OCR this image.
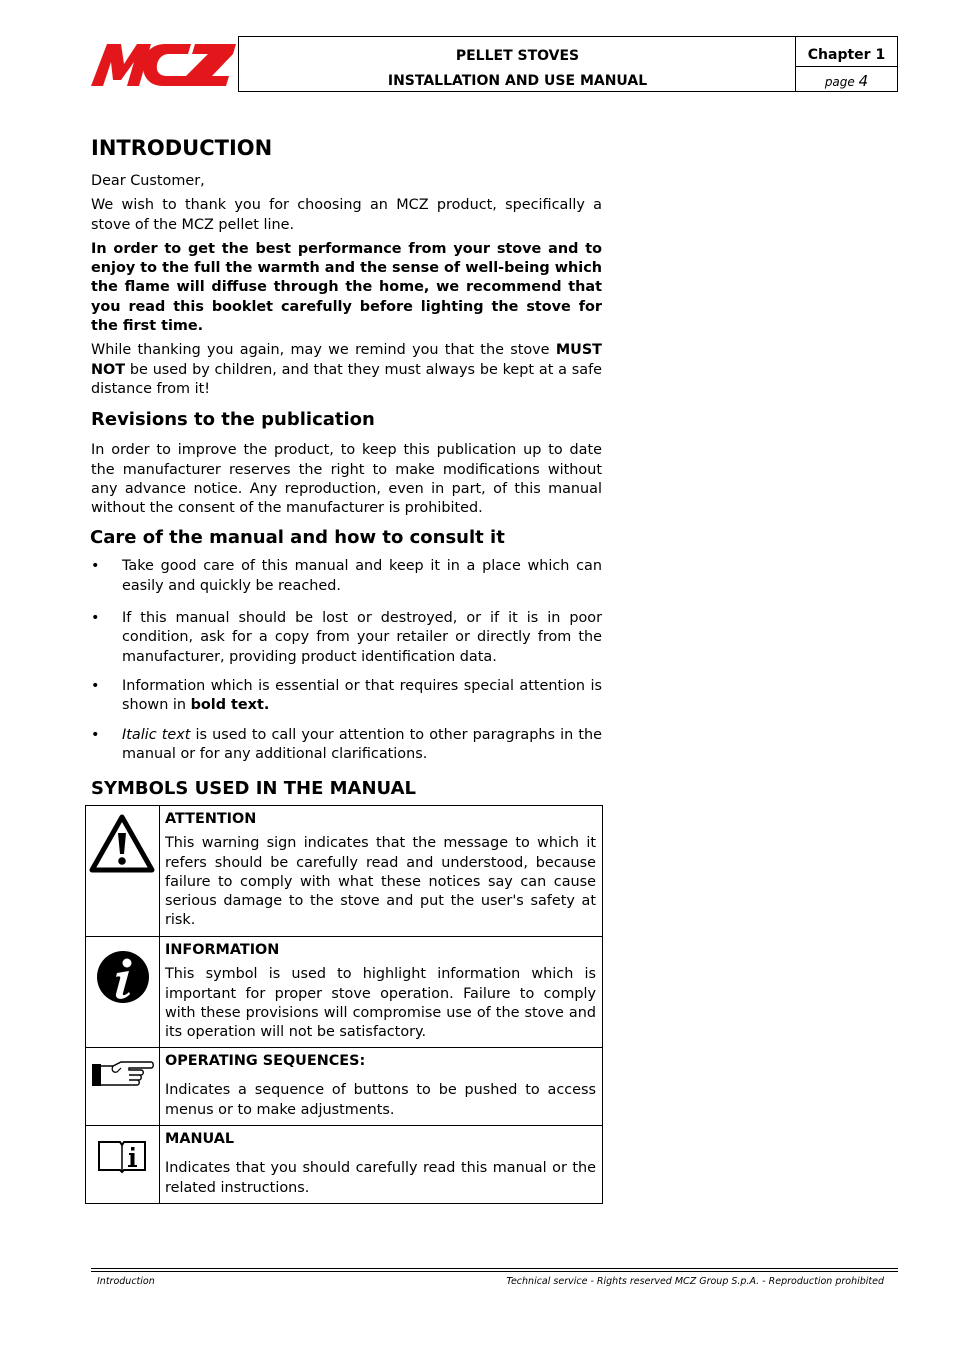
PELLET STOVES
INSTALLATION AND USE MANUAL
Chapter 1
page 4
INTRODUCTION

Dear Customer,

We wish to thank you for choosing an MCZ product, specifically a stove of the MCZ pellet line.

In order to get the best performance from your stove and to enjoy to the full the warmth and the sense of well-being which the flame will diffuse through the home, we recommend that you read this booklet carefully before lighting the stove for the first time.

While thanking you again, may we remind you that the stove MUST NOT be used by children, and that they must always be kept at a safe distance from it!

Revisions to the publication

In order to improve the product, to keep this publication up to date the manufacturer reserves the right to make modifications without any advance notice. Any reproduction, even in part, of this manual without the consent of the manufacturer is prohibited.

Care of the manual and how to consult it
• Take good care of this manual and keep it in a place which can easily and quickly be reached.
• If this manual should be lost or destroyed, or if it is in poor condition, ask for a copy from your retailer or directly from the manufacturer, providing product identification data.
• Information which is essential or that requires special attention is shown in bold text.
• Italic text is used to call your attention to other paragraphs in the manual or for any additional clarifications.
SYMBOLS USED IN THE MANUAL

ATTENTION
This warning sign indicates that the message to which it refers should be carefully read and understood, because failure to comply with what these notices say can cause serious damage to the stove and put the user's safety at risk.

INFORMATION
This symbol is used to highlight information which is important for proper stove operation. Failure to comply with these provisions will compromise use of the stove and its operation will not be satisfactory.

OPERATING SEQUENCES:
Indicates a sequence of buttons to be pushed to access menus or to make adjustments.

MANUAL
Indicates that you should carefully read this manual or the related instructions.
Introduction	Technical service - Rights reserved MCZ Group S.p.A. - Reproduction prohibited
